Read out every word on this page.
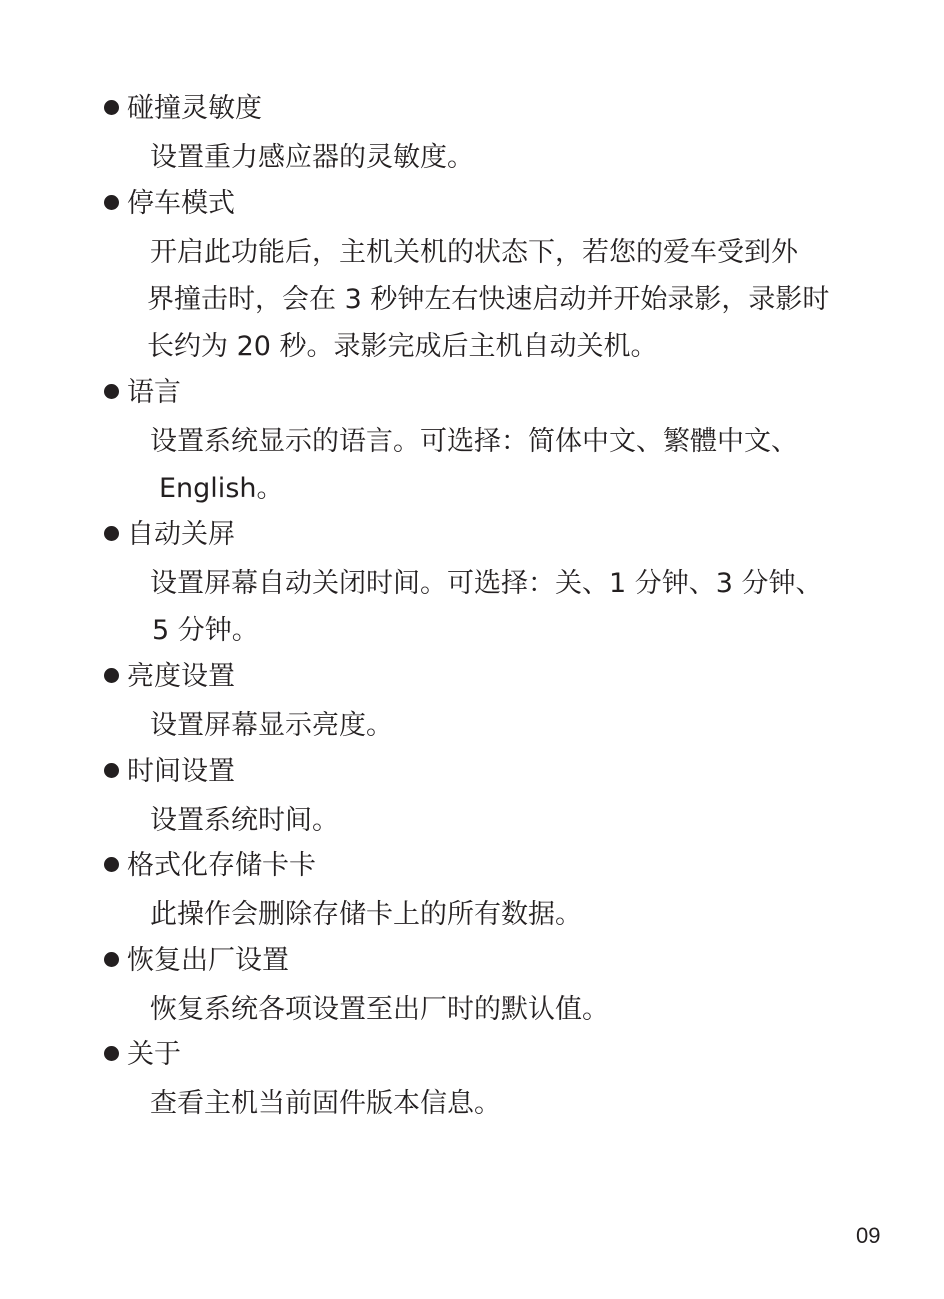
碰撞灵敏度
设置重力感应器的灵敏度。
停车模式
开启此功能后，主机关机的状态下，若您的爱车受到外
界撞击时，会在 3 秒钟左右快速启动并开始录影，录影时
长约为 20 秒。录影完成后主机自动关机。
语言
设置系统显示的语言。可选择：简体中文、繁體中文、
English。
自动关屏
设置屏幕自动关闭时间。可选择：关、1 分钟、3 分钟、
5 分钟。
亮度设置
设置屏幕显示亮度。
时间设置
设置系统时间。
格式化存储卡卡
此操作会删除存储卡上的所有数据。
恢复出厂设置
恢复系统各项设置至出厂时的默认值。
关于
查看主机当前固件版本信息。
09
